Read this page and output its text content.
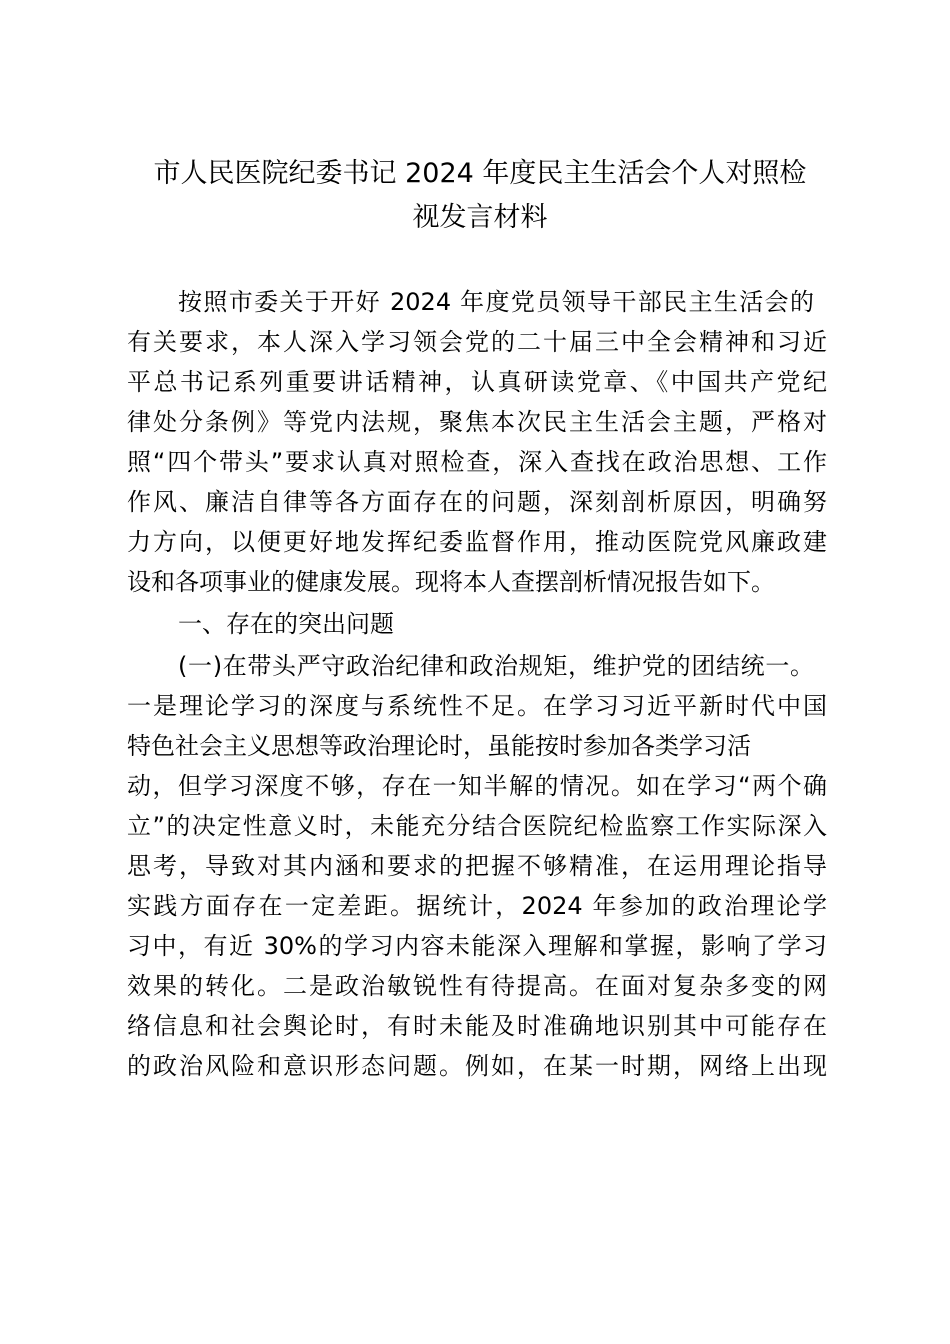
市人民医院纪委书记 2024 年度民主生活会个人对照检
视发言材料

按照市委关于开好 2024 年度党员领导干部民主生活会的

有关要求，本人深入学习领会党的二十届三中全会精神和习近

平总书记系列重要讲话精神，认真研读党章、《中国共产党纪

律处分条例》等党内法规，聚焦本次民主生活会主题，严格对

照“四个带头”要求认真对照检查，深入查找在政治思想、工作

作风、廉洁自律等各方面存在的问题，深刻剖析原因，明确努

力方向，以便更好地发挥纪委监督作用，推动医院党风廉政建

设和各项事业的健康发展。现将本人查摆剖析情况报告如下。

一、存在的突出问题

(一)在带头严守政治纪律和政治规矩，维护党的团结统一。

一是理论学习的深度与系统性不足。在学习习近平新时代中国

特色社会主义思想等政治理论时，虽能按时参加各类学习活

动，但学习深度不够，存在一知半解的情况。如在学习“两个确

立”的决定性意义时，未能充分结合医院纪检监察工作实际深入

思考，导致对其内涵和要求的把握不够精准，在运用理论指导

实践方面存在一定差距。据统计，2024 年参加的政治理论学

习中，有近 30%的学习内容未能深入理解和掌握，影响了学习

效果的转化。二是政治敏锐性有待提高。在面对复杂多变的网

络信息和社会舆论时，有时未能及时准确地识别其中可能存在

的政治风险和意识形态问题。例如，在某一时期，网络上出现
